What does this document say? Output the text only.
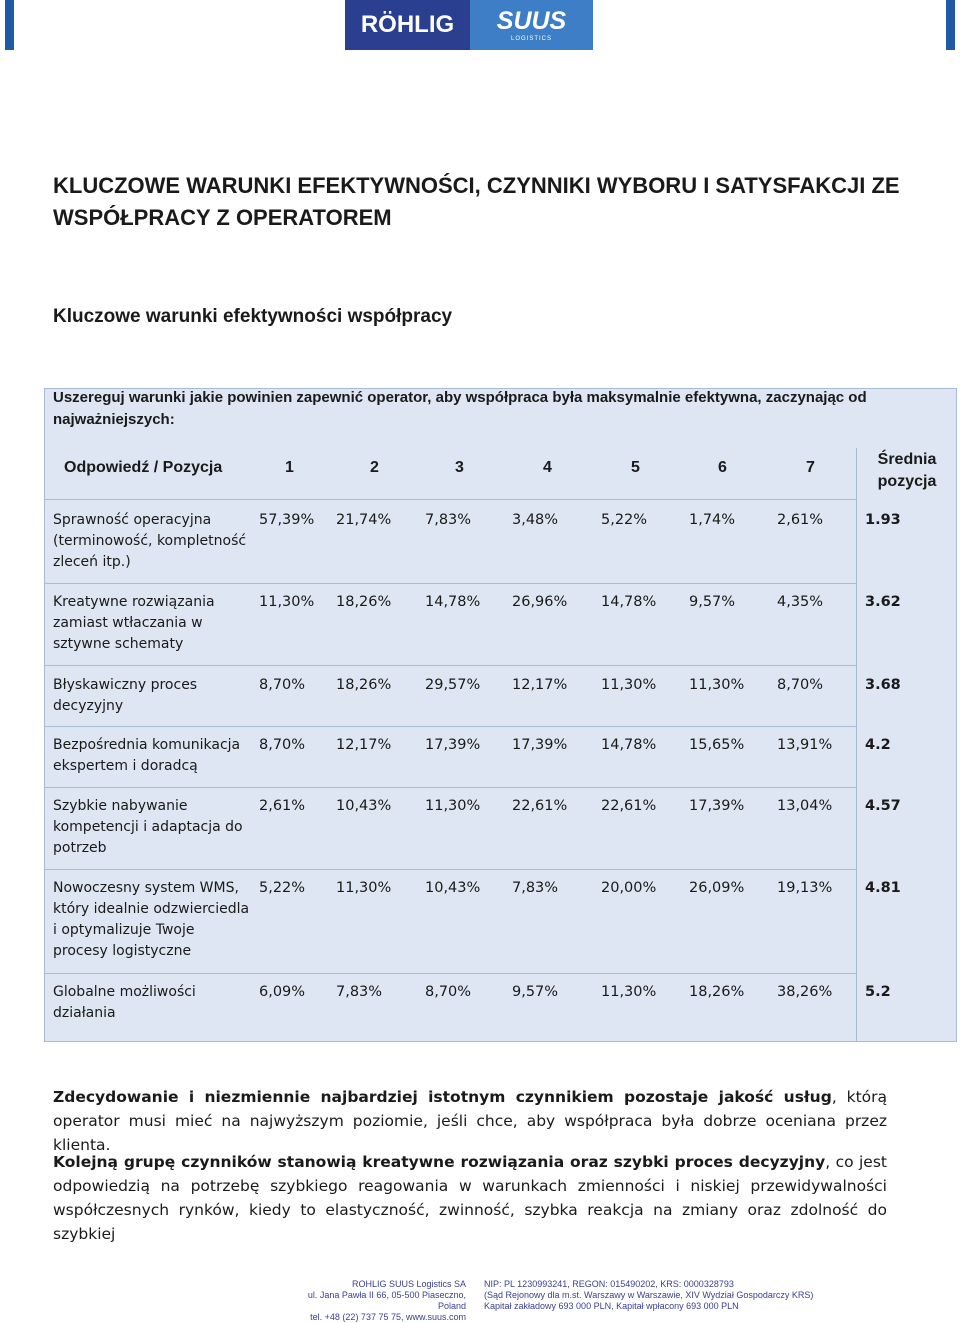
RÖHLIG	SUUS
LOGISTICS
KLUCZOWE WARUNKI EFEKTYWNOŚCI, CZYNNIKI WYBORU I SATYSFAKCJI ZE WSPÓŁPRACY Z OPERATOREM
Kluczowe warunki efektywności współpracy
Uszereguj warunki jakie powinien zapewnić operator, aby współpraca była maksymalnie efektywna, zaczynając od najważniejszych:
Odpowiedź / Pozycja	1	2	3	4	5	6	7	Średnia pozycja
Sprawność operacyjna (terminowość, kompletność zleceń itp.)
57,39% 21,74% 7,83%	3,48%	5,22%	1,74%	2,61%	1.93
Kreatywne rozwiązania zamiast wtłaczania w sztywne schematy
11,30% 18,26% 14,78% 26,96% 14,78% 9,57%	4,35%	3.62
Błyskawiczny proces decyzyjny
8,70% 18,26% 29,57% 12,17% 11,30% 11,30% 8,70%	3.68
Bezpośrednia komunikacja ekspertem i doradcą
8,70% 12,17% 17,39% 17,39% 14,78% 15,65% 13,91% 4.2
Szybkie nabywanie kompetencji i adaptacja do potrzeb
2,61% 10,43% 11,30% 22,61% 22,61% 17,39% 13,04% 4.57
Nowoczesny system WMS, który idealnie odzwierciedla i optymalizuje Twoje procesy logistyczne
5,22% 11,30% 10,43% 7,83%	20,00% 26,09% 19,13% 4.81
Globalne możliwości działania
6,09% 7,83%	8,70%	9,57%	11,30% 18,26% 38,26% 5.2

Zdecydowanie i niezmiennie najbardziej istotnym czynnikiem pozostaje jakość usług, którą operator musi mieć na najwyższym poziomie, jeśli chce, aby współpraca była dobrze oceniana przez klienta.

Kolejną grupę czynników stanowią kreatywne rozwiązania oraz szybki proces decyzyjny, co jest odpowiedzią na potrzebę szybkiego reagowania w warunkach zmienności i niskiej przewidywalności współczesnych rynków, kiedy to elastyczność, zwinność, szybka reakcja na zmiany oraz zdolność do szybkiej

ROHLIG SUUS Logistics SA
ul. Jana Pawła II 66, 05-500 Piaseczno, Poland
tel. +48 (22) 737 75 75, www.suus.com
NIP: PL 1230993241, REGON: 015490202, KRS: 0000328793
(Sąd Rejonowy dla m.st. Warszawy w Warszawie, XIV Wydział Gospodarczy KRS)
Kapitał zakładowy 693 000 PLN, Kapitał wpłacony 693 000 PLN
